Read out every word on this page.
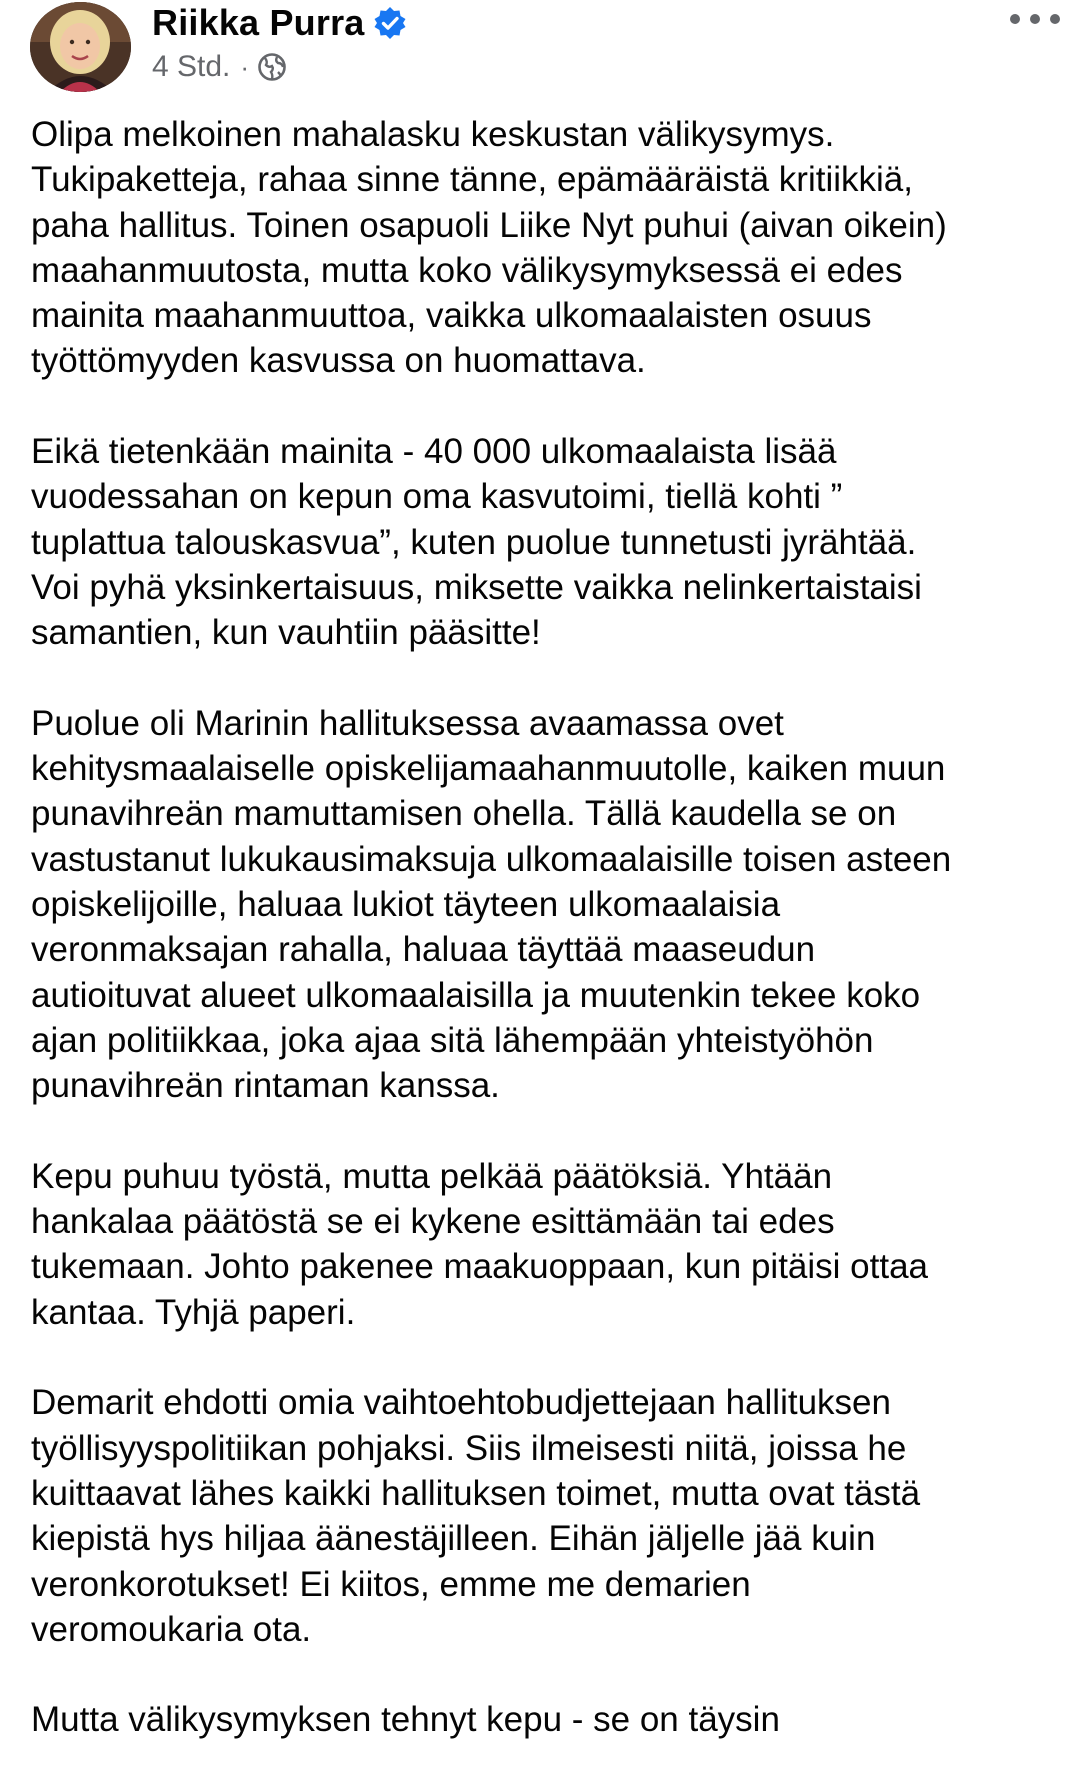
Riikka Purra
4 Std. ·

Olipa melkoinen mahalasku keskustan välikysymys.
Tukipaketteja, rahaa sinne tänne, epämääräistä kritiikkiä,
paha hallitus. Toinen osapuoli Liike Nyt puhui (aivan oikein)
maahanmuutosta, mutta koko välikysymyksessä ei edes
mainita maahanmuuttoa, vaikka ulkomaalaisten osuus
työttömyyden kasvussa on huomattava.

Eikä tietenkään mainita - 40 000 ulkomaalaista lisää
vuodessahan on kepun oma kasvutoimi, tiellä kohti ”
tuplattua talouskasvua”, kuten puolue tunnetusti jyrähtää.
Voi pyhä yksinkertaisuus, miksette vaikka nelinkertaistaisi
samantien, kun vauhtiin pääsitte!

Puolue oli Marinin hallituksessa avaamassa ovet
kehitysmaalaiselle opiskelijamaahanmuutolle, kaiken muun
punavihreän mamuttamisen ohella. Tällä kaudella se on
vastustanut lukukausimaksuja ulkomaalaisille toisen asteen
opiskelijoille, haluaa lukiot täyteen ulkomaalaisia
veronmaksajan rahalla, haluaa täyttää maaseudun
autioituvat alueet ulkomaalaisilla ja muutenkin tekee koko
ajan politiikkaa, joka ajaa sitä lähempään yhteistyöhön
punavihreän rintaman kanssa.

Kepu puhuu työstä, mutta pelkää päätöksiä. Yhtään
hankalaa päätöstä se ei kykene esittämään tai edes
tukemaan. Johto pakenee maakuoppaan, kun pitäisi ottaa
kantaa. Tyhjä paperi.

Demarit ehdotti omia vaihtoehtobudjettejaan hallituksen
työllisyyspolitiikan pohjaksi. Siis ilmeisesti niitä, joissa he
kuittaavat lähes kaikki hallituksen toimet, mutta ovat tästä
kiepistä hys hiljaa äänestäjilleen. Eihän jäljelle jää kuin
veronkorotukset! Ei kiitos, emme me demarien
veromoukaria ota.

Mutta välikysymyksen tehnyt kepu - se on täysin
